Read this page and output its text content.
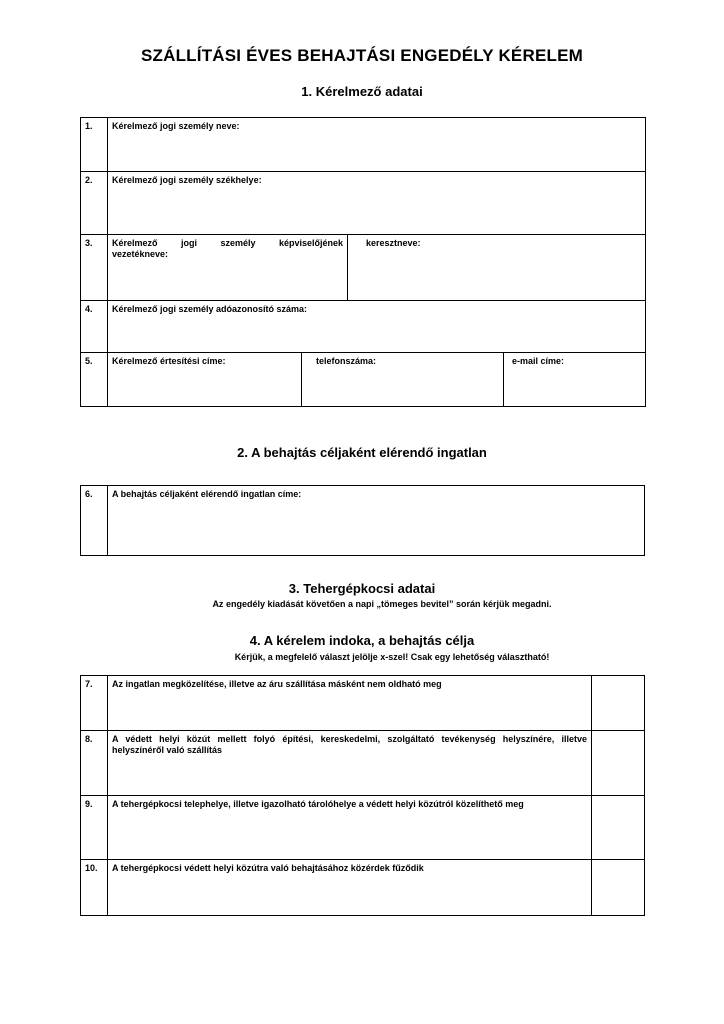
SZÁLLÍTÁSI ÉVES BEHAJTÁSI ENGEDÉLY KÉRELEM
1. Kérelmező adatai
1.	Kérelmező jogi személy neve:			
2.	Kérelmező jogi személy székhelye:			
3.	Kérelmező jogi személy képviselőjének
vezetékneve:		keresztneve:	
4.	Kérelmező jogi személy adóazonosító száma:			
5.	Kérelmező értesítési címe:	telefonszáma:		e-mail címe:
2. A behajtás céljaként elérendő ingatlan
6.	A behajtás céljaként elérendő ingatlan címe:
3. Tehergépkocsi adatai
Az engedély kiadását követően a napi „tömeges bevitel” során kérjük megadni.
4. A kérelem indoka, a behajtás célja
Kérjük, a megfelelő választ jelölje x-szel! Csak egy lehetőség választható!
7.	Az ingatlan megközelítése, illetve az áru szállítása másként nem oldható meg	
8.	A védett helyi közút mellett folyó építési, kereskedelmi, szolgáltató tevékenység helyszínére, illetve helyszínéről való szállítás	
9.	A tehergépkocsi telephelye, illetve igazolható tárolóhelye a védett helyi közútról közelíthető meg	
10.	A tehergépkocsi védett helyi közútra való behajtásához közérdek fűződik	
